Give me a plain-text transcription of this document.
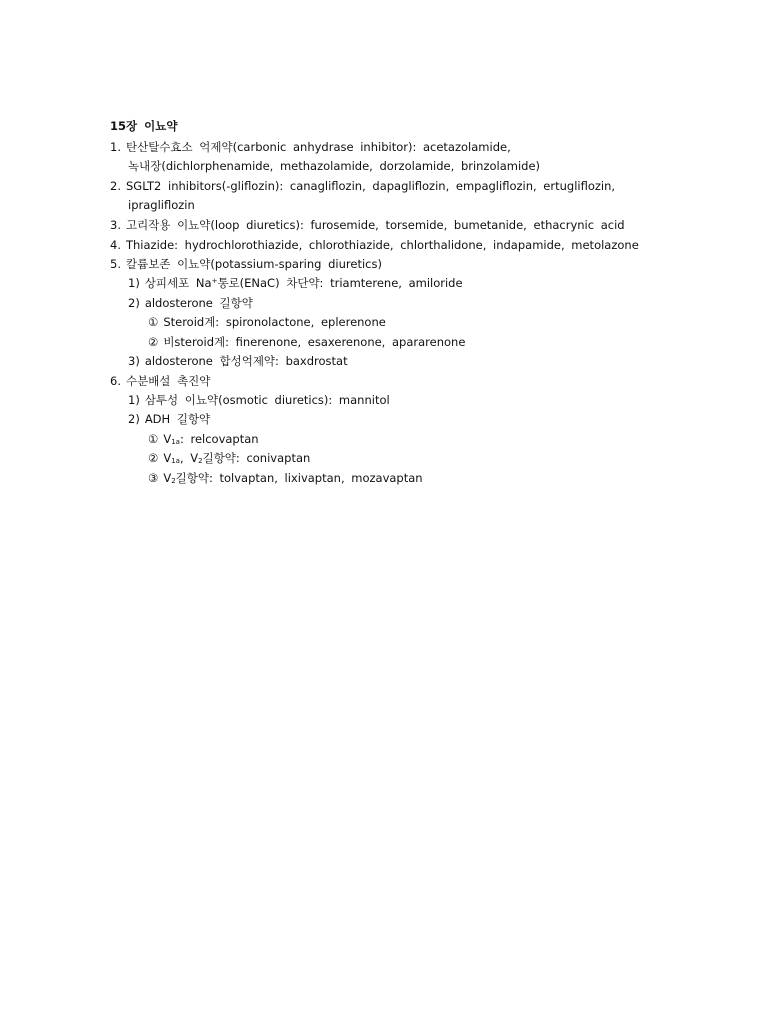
15장 이뇨약
1. 탄산탈수효소 억제약(carbonic anhydrase inhibitor): acetazolamide,
녹내장(dichlorphenamide, methazolamide, dorzolamide, brinzolamide)
2. SGLT2 inhibitors(-gliflozin): canagliflozin, dapagliflozin, empagliflozin, ertugliflozin,
ipragliflozin
3. 고리작용 이뇨약(loop diuretics): furosemide, torsemide, bumetanide, ethacrynic acid
4. Thiazide: hydrochlorothiazide, chlorothiazide, chlorthalidone, indapamide, metolazone
5. 칼륨보존 이뇨약(potassium-sparing diuretics)
1) 상피세포 Na+통로(ENaC) 차단약: triamterene, amiloride
2) aldosterone 길항약
① Steroid계: spironolactone, eplerenone
② 비steroid계: finerenone, esaxerenone, apararenone
3) aldosterone 합성억제약: baxdrostat
6. 수분배설 촉진약
1) 삼투성 이뇨약(osmotic diuretics): mannitol
2) ADH 길항약
① $V_{1a}$: relcovaptan
② $V_{1a}$, $V_2$길항약: conivaptan
③ $V_2$길항약: tolvaptan, lixivaptan, mozavaptan
